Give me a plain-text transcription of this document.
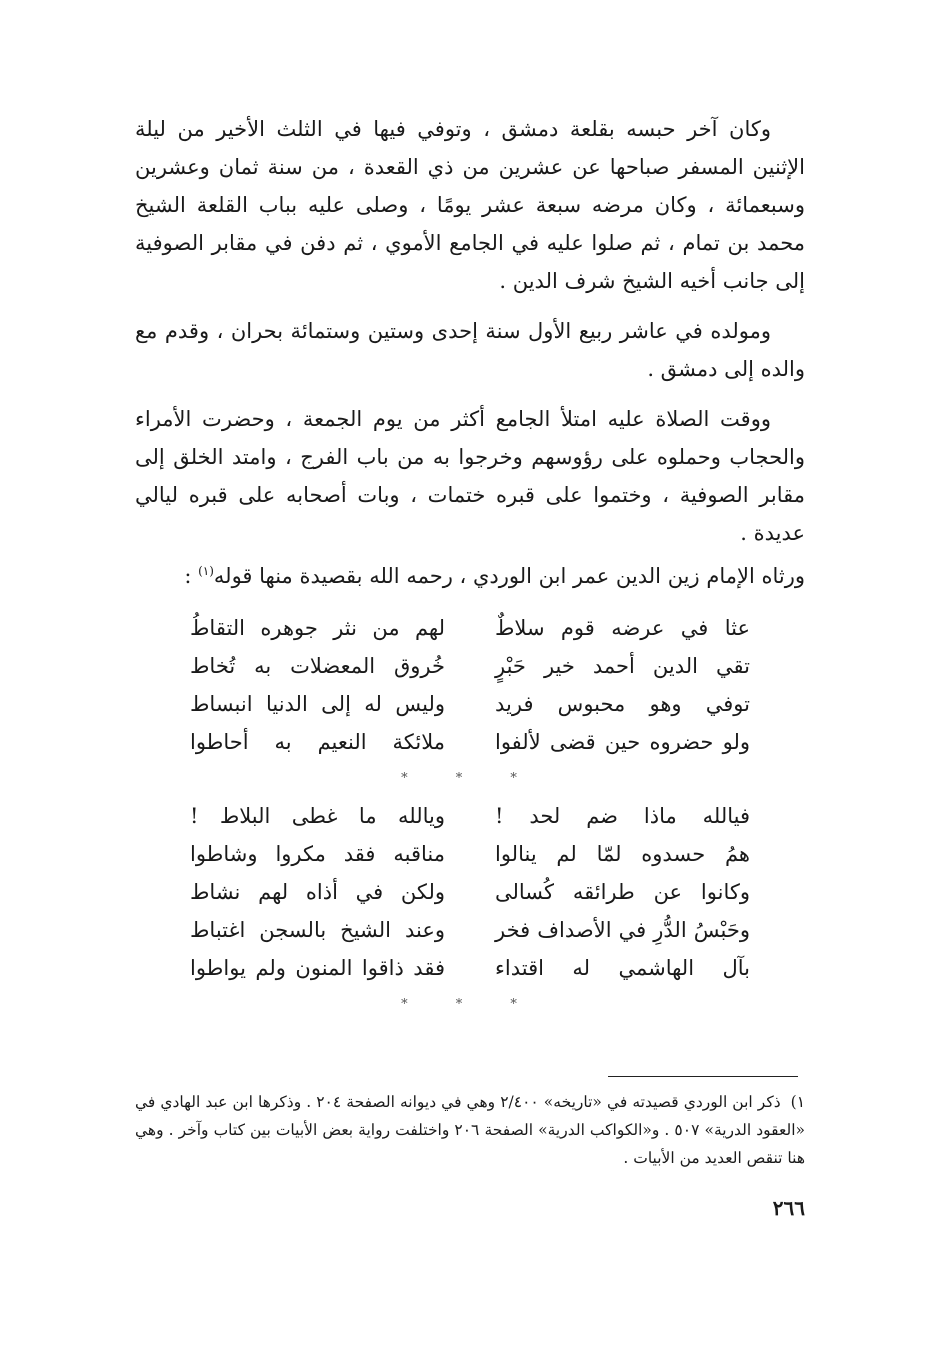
وكان آخر حبسه بقلعة دمشق ، وتوفي فيها في الثلث الأخير من ليلة الإثنين المسفر صباحها عن عشرين من ذي القعدة ، من سنة ثمان وعشرين وسبعمائة ، وكان مرضه سبعة عشر يومًا ، وصلى عليه بباب القلعة الشيخ محمد بن تمام ، ثم صلوا عليه في الجامع الأموي ، ثم دفن في مقابر الصوفية إلى جانب أخيه الشيخ شرف الدين .

ومولده في عاشر ربيع الأول سنة إحدى وستين وستمائة بحران ، وقدم مع والده إلى دمشق .

ووقت الصلاة عليه امتلأ الجامع أكثر من يوم الجمعة ، وحضرت الأمراء والحجاب وحملوه على رؤوسهم وخرجوا به من باب الفرج ، وامتد الخلق إلى مقابر الصوفية ، وختموا على قبره ختمات ، وبات أصحابه على قبره ليالي عديدة .

ورثاه الإمام زين الدين عمر ابن الوردي ، رحمه الله بقصيدة منها قوله$^{(١)}$ :

عثا في عرضه قوم سلاطٌ
لهم من نثر جوهره التقاطُ
تقي الدين أحمد خير حَبْرٍ
خُروق المعضلات به تُخاط
توفي وهو محبوس فريد
وليس له إلى الدنيا انبساط
ولو حضروه حين قضى لألفوا
ملائكة النعيم به أحاطوا
* * *
فيالله ماذا ضم لحد !
ويالله ما غطى البلاط !
همُ حسدوه لمّا لم ينالوا
مناقبه فقد مكروا وشاطوا
وكانوا عن طرائقه كُسالى
ولكن في أذاه لهم نشاط
وحَبْسُ الدُّرِ في الأصداف فخر
وعند الشيخ بالسجن اغتباط
بآل الهاشمي له اقتداء
فقد ذاقوا المنون ولم يواطوا
* * *
١)ذكر ابن الوردي قصيدته في «تاريخه» ٢/٤٠٠ وهي في ديوانه الصفحة ٢٠٤ . وذكرها ابن عبد الهادي في «العقود الدرية» ٥٠٧ . و«الكواكب الدرية» الصفحة ٢٠٦ واختلفت رواية بعض الأبيات بين كتاب وآخر . وهي هنا تنقص العديد من الأبيات .
٢٦٦
